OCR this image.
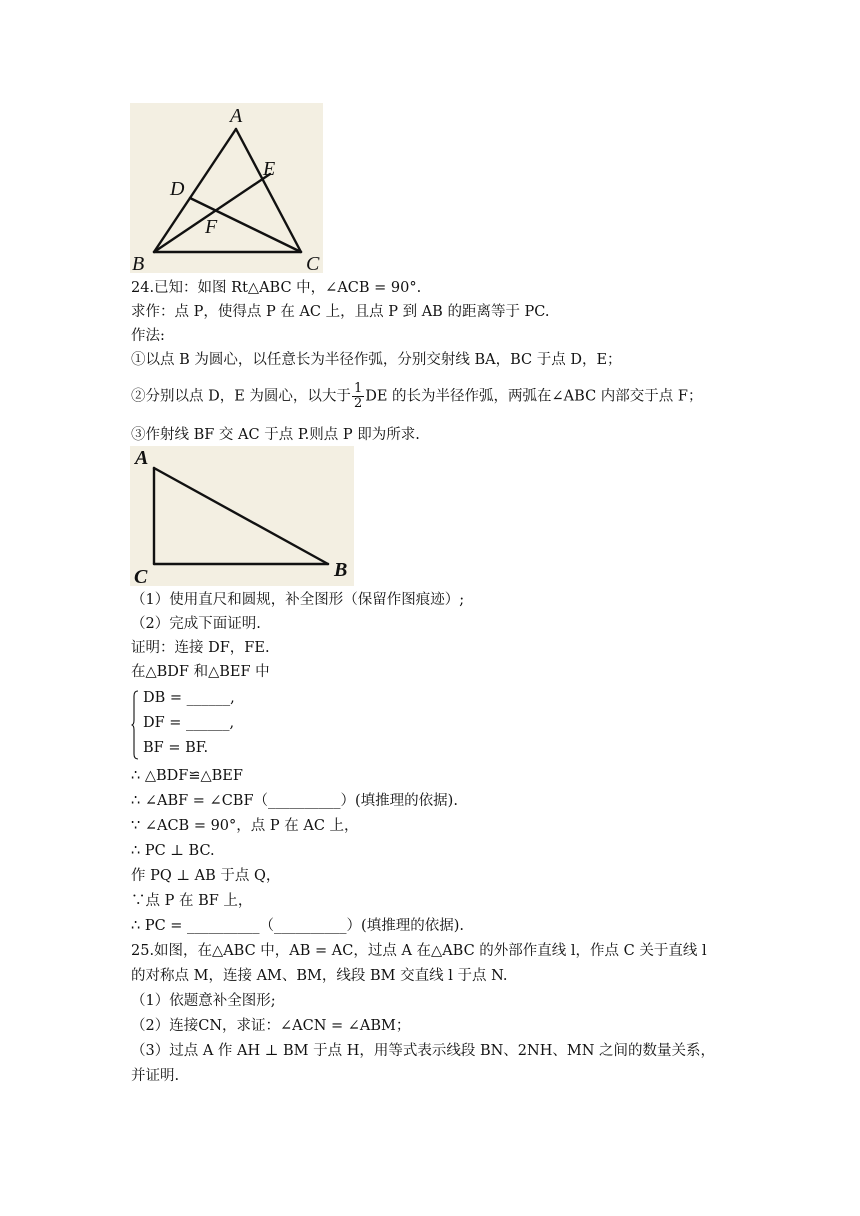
A
E
D
F
B	C
24.已知：如图 Rt△ABC 中，∠ACB = 90°.
求作：点 P，使得点 P 在 AC 上，且点 P 到 AB 的距离等于 PC.
作法:
①以点 B 为圆心，以任意长为半径作弧，分别交射线 BA，BC 于点 D，E；
②分别以点 D，E 为圆心，以大于 $\frac{1}{2}$ DE 的长为半径作弧，两弧在∠ABC 内部交于点 F；
③作射线 BF 交 AC 于点 P.则点 P 即为所求.
A
C	B
（1）使用直尺和圆规，补全图形（保留作图痕迹）;
（2）完成下面证明.
证明：连接 DF，FE.
在△BDF 和△BEF 中
DB = ______,
DF = ______,
BF = BF.
∴ △BDF≌△BEF
∴ ∠ABF = ∠CBF（__________）(填推理的依据).
∵ ∠ACB = 90°，点 P 在 AC 上，
∴ PC ⊥ BC.
作 PQ ⊥ AB 于点 Q，
∵点 P 在 BF 上，
∴ PC = __________（__________）(填推理的依据).
25.如图，在△ABC 中，AB = AC，过点 A 在△ABC 的外部作直线 l，作点 C 关于直线 l
的对称点 M，连接 AM、BM，线段 BM 交直线 l 于点 N.
（1）依题意补全图形;
（2）连接CN，求证：∠ACN = ∠ABM；
（3）过点 A 作 AH ⊥ BM 于点 H，用等式表示线段 BN、2NH、MN 之间的数量关系，
并证明.
